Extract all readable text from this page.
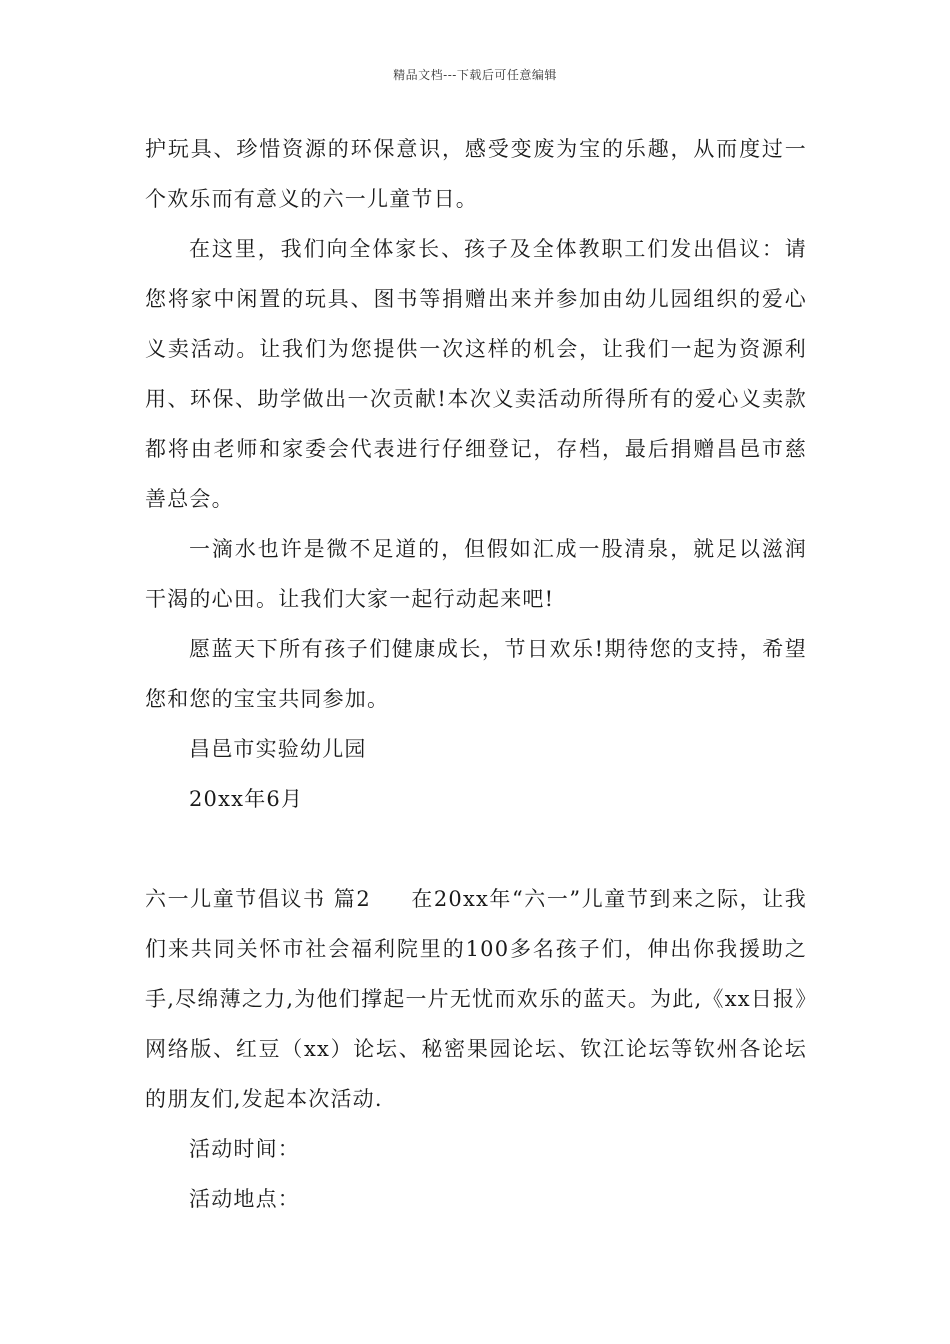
精品文档---下载后可任意编辑

护玩具、珍惜资源的环保意识，感受变废为宝的乐趣，从而度过一个欢乐而有意义的六一儿童节日。

在这里，我们向全体家长、孩子及全体教职工们发出倡议：请您将家中闲置的玩具、图书等捐赠出来并参加由幼儿园组织的爱心义卖活动。让我们为您提供一次这样的机会，让我们一起为资源利用、环保、助学做出一次贡献!本次义卖活动所得所有的爱心义卖款都将由老师和家委会代表进行仔细登记，存档，最后捐赠昌邑市慈善总会。

一滴水也许是微不足道的，但假如汇成一股清泉，就足以滋润干渴的心田。让我们大家一起行动起来吧!

愿蓝天下所有孩子们健康成长，节日欢乐!期待您的支持，希望您和您的宝宝共同参加。

昌邑市实验幼儿园

20xx年6月

六一儿童节倡议书 篇2 在20xx年“六一”儿童节到来之际，让我们来共同关怀市社会福利院里的100多名孩子们，伸出你我援助之手,尽绵薄之力,为他们撑起一片无忧而欢乐的蓝天。为此,《xx日报》网络版、红豆（xx）论坛、秘密果园论坛、钦江论坛等钦州各论坛的朋友们,发起本次活动.

活动时间：

活动地点：
